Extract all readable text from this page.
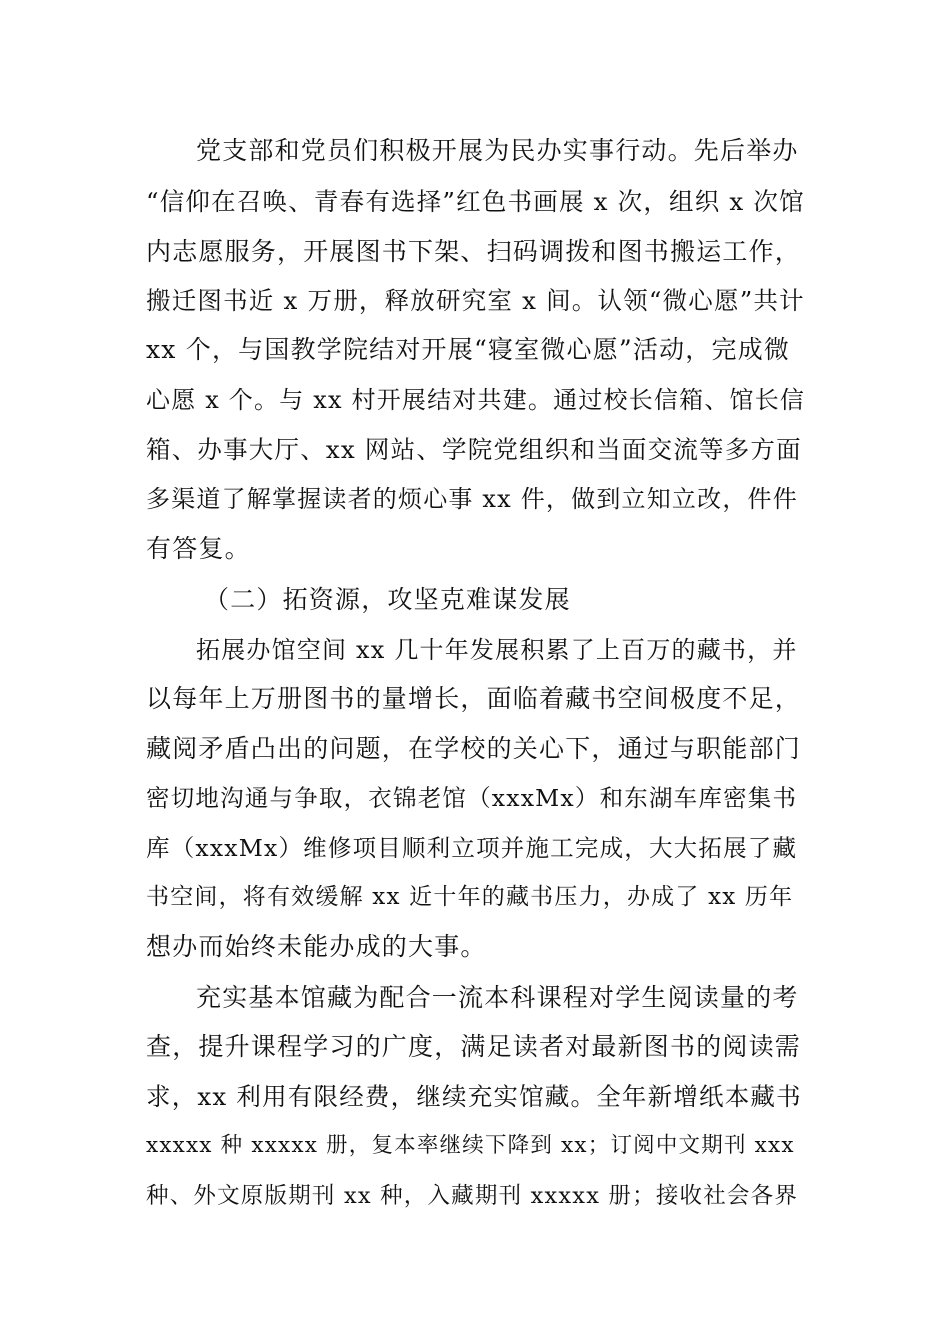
党支部和党员们积极开展为民办实事行动。先后举办
“信仰在召唤、青春有选择”红色书画展 x 次，组织 x 次馆
内志愿服务，开展图书下架、扫码调拨和图书搬运工作，
搬迁图书近 x 万册，释放研究室 x 间。认领“微心愿”共计
xx 个，与国教学院结对开展“寝室微心愿”活动，完成微
心愿 x 个。与 xx 村开展结对共建。通过校长信箱、馆长信
箱、办事大厅、xx 网站、学院党组织和当面交流等多方面
多渠道了解掌握读者的烦心事 xx 件，做到立知立改，件件
有答复。
（二）拓资源，攻坚克难谋发展
拓展办馆空间 xx 几十年发展积累了上百万的藏书，并
以每年上万册图书的量增长，面临着藏书空间极度不足，
藏阅矛盾凸出的问题，在学校的关心下，通过与职能部门
密切地沟通与争取，衣锦老馆（xxxMx）和东湖车库密集书
库（xxxMx）维修项目顺利立项并施工完成，大大拓展了藏
书空间，将有效缓解 xx 近十年的藏书压力，办成了 xx 历年
想办而始终未能办成的大事。
充实基本馆藏为配合一流本科课程对学生阅读量的考
查，提升课程学习的广度，满足读者对最新图书的阅读需
求，xx 利用有限经费，继续充实馆藏。全年新增纸本藏书
xxxxx 种 xxxxx 册，复本率继续下降到 xx；订阅中文期刊 xxx
种、外文原版期刊 xx 种，入藏期刊 xxxxx 册；接收社会各界
